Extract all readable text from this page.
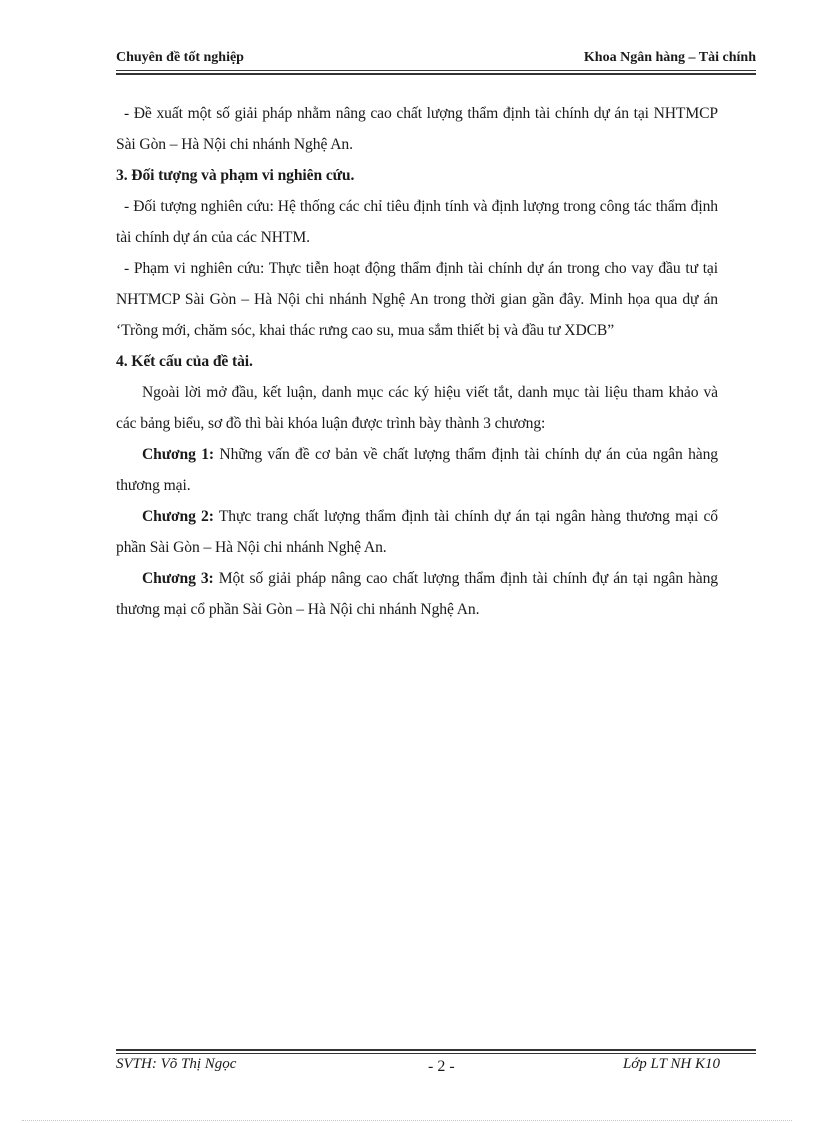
Chuyên đề tốt nghiệp	Khoa Ngân hàng – Tài chính

- Đề xuất một số giải pháp nhằm nâng cao chất lượng thẩm định tài chính dự án tại NHTMCP Sài Gòn – Hà Nội chi nhánh Nghệ An.

3. Đối tượng và phạm vi nghiên cứu.

- Đối tượng nghiên cứu: Hệ thống các chỉ tiêu định tính và định lượng trong công tác thẩm định tài chính dự án của các NHTM.

- Phạm vi nghiên cứu: Thực tiễn hoạt động thẩm định tài chính dự án trong cho vay đầu tư tại NHTMCP Sài Gòn – Hà Nội chi nhánh Nghệ An trong thời gian gần đây. Minh họa qua dự án ‘Trồng mới, chăm sóc, khai thác rưng cao su, mua sắm thiết bị và đầu tư XDCB”

4. Kết cấu của đề tài.

Ngoài lời mở đầu, kết luận, danh mục các ký hiệu viết tắt, danh mục tài liệu tham khảo và các bảng biểu, sơ đồ thì bài khóa luận được trình bày thành 3 chương:

Chương 1: Những vấn đề cơ bản về chất lượng thẩm định tài chính dự án của ngân hàng thương mại.

Chương 2: Thực trang chất lượng thẩm định tài chính dự án tại ngân hàng thương mại cổ phần Sài Gòn – Hà Nội chi nhánh Nghệ An.

Chương 3: Một số giải pháp nâng cao chất lượng thẩm định tài chính đự án tại ngân hàng thương mại cổ phần Sài Gòn – Hà Nội chi nhánh Nghệ An.

SVTH: Võ Thị Ngọc	- 2 -	Lớp LT NH K10
